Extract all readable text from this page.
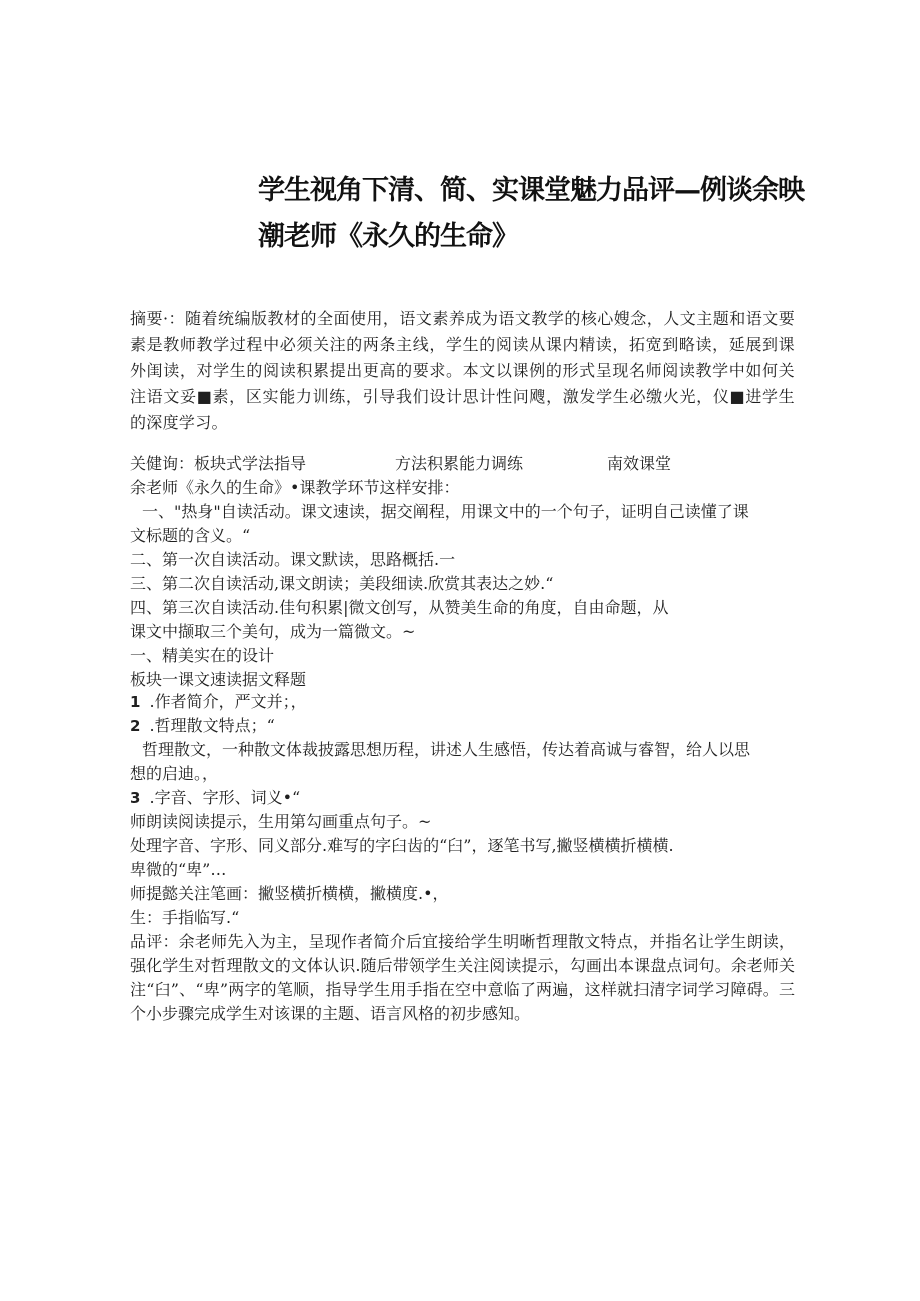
学生视角下清、简、实课堂魅力品评—例谈余映
潮老师《永久的生命》
摘要·：随着统编版教材的全面使用，语文素养成为语文教学的核心嫂念，人文主题和语文要素是教师教学过程中必须关注的两条主线，学生的阅读从课内精读，拓宽到略读，延展到课外闺读，对学生的阅读积累提出更高的要求。本文以课例的形式呈现名师阅读教学中如何关注语文妥■素，区实能力训练，引导我们设计思计性问飕，激发学生必缴火光，仪■进学生的深度学习。
关健询：板块式学法指导	方法积累能力调练	南效课堂
余老师《永久的生命》•课教学环节这样安排：
一、"热身"自读活动。课文速读，据交阐程，用课文中的一个句子，证明自己读懂了课
文标题的含义。“
二、第一次自读活动。课文默读，思路概括.一
三、第二次自读活动,课文朗读；美段细读.欣赏其表达之妙.“
四、第三次自读活动.佳句积累|微文创写，从赞美生命的角度，自由命题，从
课文中撷取三个美句，成为一篇微文。~
一、精美实在的设计
板块一课文速读据文释题
1 .作者简介，严文并；，
2 .哲理散文特点；“
哲理散文，一种散文体裁披露思想历程，讲述人生感悟，传达着高诚与睿智，给人以思
想的启迪。，
3 .字音、字形、词义•“
师朗读阅读提示，生用第勾画重点句子。~
处理字音、字形、同义部分.难写的字臼齿的“臼”，逐笔书写,撇竖横横折横横.
卑微的“卑”…
师提懿关注笔画：撇竖横折横横，撇横度.•，
生：手指临写.“
品评：余老师先入为主，呈现作者简介后宜接给学生明晰哲理散文特点，并指名让学生朗读，强化学生对哲理散文的文体认识.随后带领学生关注阅读提示，勾画出本课盘点词句。余老师关注“臼”、“卑”两字的笔顺，指导学生用手指在空中意临了两遍，这样就扫清字词学习障碍。三个小步骤完成学生对该课的主题、语言风格的初步感知。
